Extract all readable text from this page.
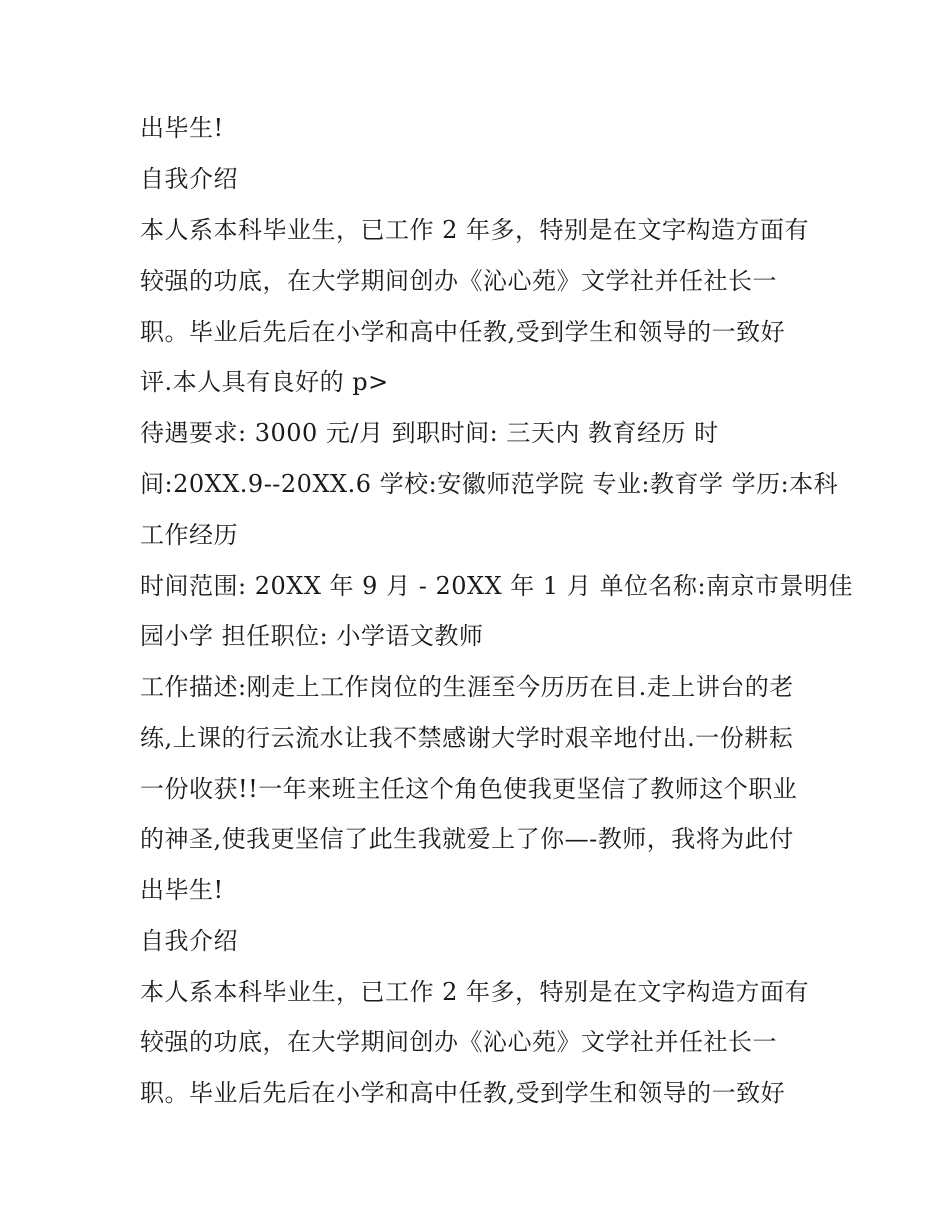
出毕生!
自我介绍
本人系本科毕业生，已工作 2 年多，特别是在文字构造方面有
较强的功底，在大学期间创办《沁心苑》文学社并任社长一
职。毕业后先后在小学和高中任教,受到学生和领导的一致好
评.本人具有良好的 p>
待遇要求: 3000 元/月 到职时间: 三天内 教育经历 时
间:20XX.9--20XX.6 学校:安徽师范学院 专业:教育学 学历:本科
工作经历
时间范围: 20XX 年 9 月 - 20XX 年 1 月 单位名称:南京市景明佳
园小学 担任职位: 小学语文教师
工作描述:刚走上工作岗位的生涯至今历历在目.走上讲台的老
练,上课的行云流水让我不禁感谢大学时艰辛地付出.一份耕耘
一份收获!!一年来班主任这个角色使我更坚信了教师这个职业
的神圣,使我更坚信了此生我就爱上了你—-教师，我将为此付
出毕生!
自我介绍
本人系本科毕业生，已工作 2 年多，特别是在文字构造方面有
较强的功底，在大学期间创办《沁心苑》文学社并任社长一
职。毕业后先后在小学和高中任教,受到学生和领导的一致好
